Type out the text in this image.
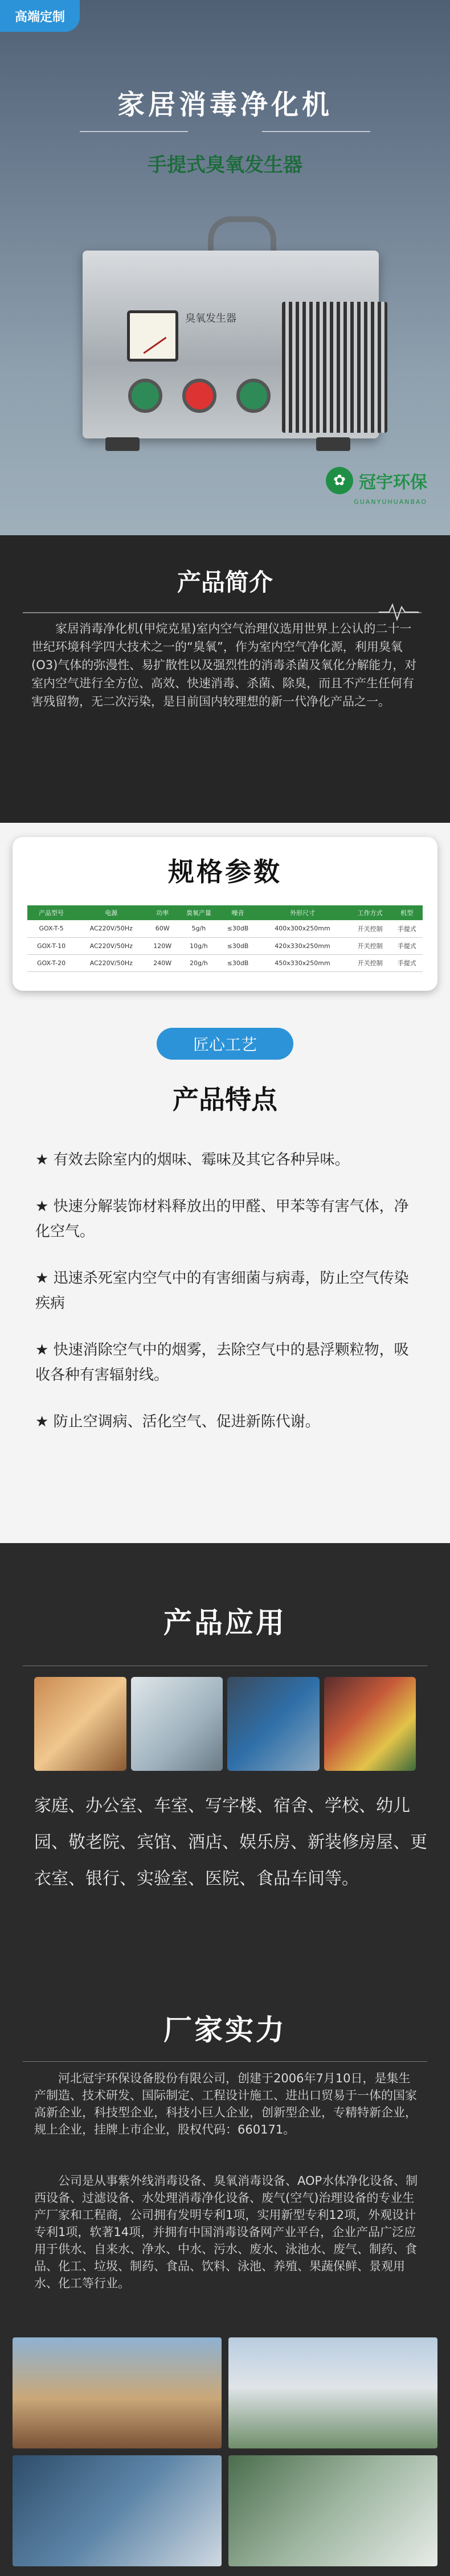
高端定制
家居消毒净化机
手提式臭氧发生器
臭氧发生器
✿ 冠宇环保
GUANYUHUANBAO
产品简介

家居消毒净化机(甲烷克星)室内空气治理仪选用世界上公认的二十一世纪环境科学四大技术之一的“臭氧”，作为室内空气净化源，利用臭氧(O3)气体的弥漫性、易扩散性以及强烈性的消毒杀菌及氧化分解能力，对室内空气进行全方位、高效、快速消毒、杀菌、除臭，而且不产生任何有害残留物，无二次污染，是目前国内较理想的新一代净化产品之一。

规格参数
产品型号	电源	功率	臭氧产量	噪音	外形尺寸	工作方式	机型
GOX-T-5	AC220V/50Hz	60W	5g/h	≤30dB	400x300x250mm	开关控制	手提式
GOX-T-10	AC220V/50Hz	120W	10g/h	≤30dB	420x330x250mm	开关控制	手提式
GOX-T-20	AC220V/50Hz	240W	20g/h	≤30dB	450x330x250mm	开关控制	手提式
匠心工艺
产品特点
★ 有效去除室内的烟味、霉味及其它各种异味。
★ 快速分解装饰材料释放出的甲醛、甲苯等有害气体，净化空气。
★ 迅速杀死室内空气中的有害细菌与病毒，防止空气传染疾病
★ 快速消除空气中的烟雾，去除空气中的悬浮颗粒物，吸收各种有害辐射线。
★ 防止空调病、活化空气、促进新陈代谢。
产品应用

家庭、办公室、车室、写字楼、宿舍、学校、幼儿园、敬老院、宾馆、酒店、娱乐房、新装修房屋、更衣室、银行、实验室、医院、食品车间等。

厂家实力

河北冠宇环保设备股份有限公司，创建于2006年7月10日，是集生产制造、技术研发、国际制定、工程设计施工、进出口贸易于一体的国家高新企业，科技型企业，科技小巨人企业，创新型企业，专精特新企业，规上企业，挂牌上市企业，股权代码：660171。

公司是从事紫外线消毒设备、臭氧消毒设备、AOP水体净化设备、制西设备、过滤设备、水处理消毒净化设备、废气(空气)治理设备的专业生产厂家和工程商，公司拥有发明专利1项，实用新型专利12项，外观设计专利1项，软著14项，并拥有中国消毒设备网产业平台，企业产品广泛应用于供水、自来水、净水、中水、污水、废水、泳池水、废气、制药、食品、化工、垃圾、制药、食品、饮料、泳池、养殖、果蔬保鲜、景观用水、化工等行业。
